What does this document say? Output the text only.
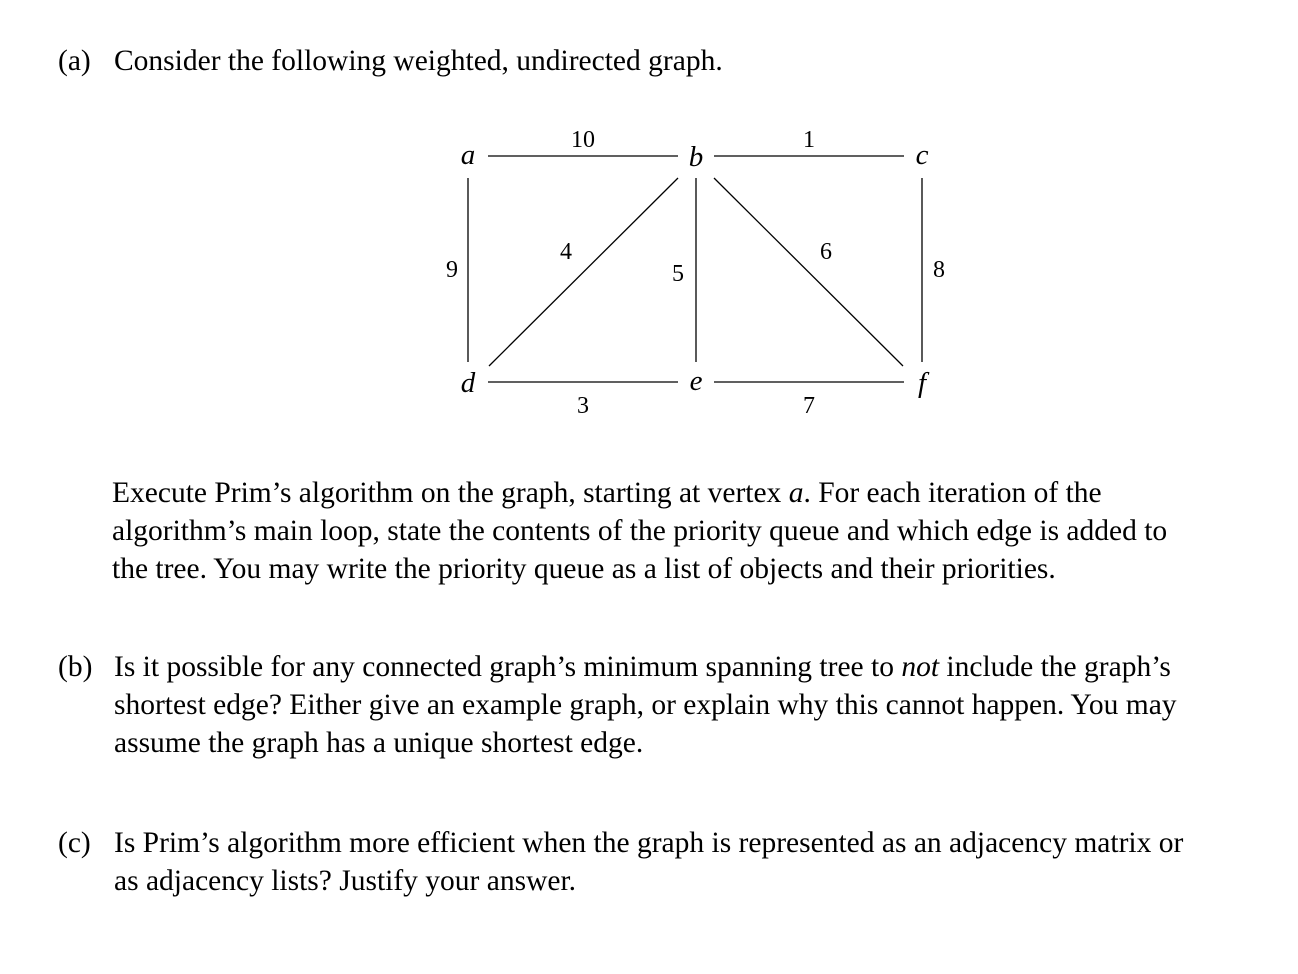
(a) Consider the following weighted, undirected graph.
a	b	c
d	e	f
10	1
9
4
5
6
8
3	7
Execute Prim’s algorithm on the graph, starting at vertex a. For each iteration of the
algorithm’s main loop, state the contents of the priority queue and which edge is added to
the tree. You may write the priority queue as a list of objects and their priorities.
(b) Is it possible for any connected graph’s minimum spanning tree to not include the graph’s
shortest edge? Either give an example graph, or explain why this cannot happen. You may
assume the graph has a unique shortest edge.
(c) Is Prim’s algorithm more efficient when the graph is represented as an adjacency matrix or
as adjacency lists? Justify your answer.
